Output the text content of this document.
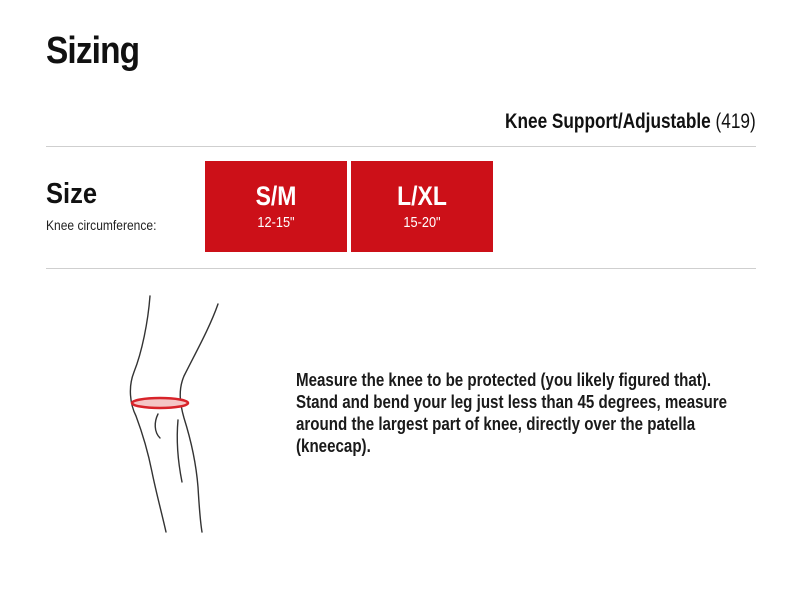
Sizing
Knee Support/Adjustable (419)
Size
Knee circumference:
S/M
12-15"
L/XL
15-20"
Measure the knee to be protected (you likely figured that).
Stand and bend your leg just less than 45 degrees, measure
around the largest part of knee, directly over the patella
(kneecap).
